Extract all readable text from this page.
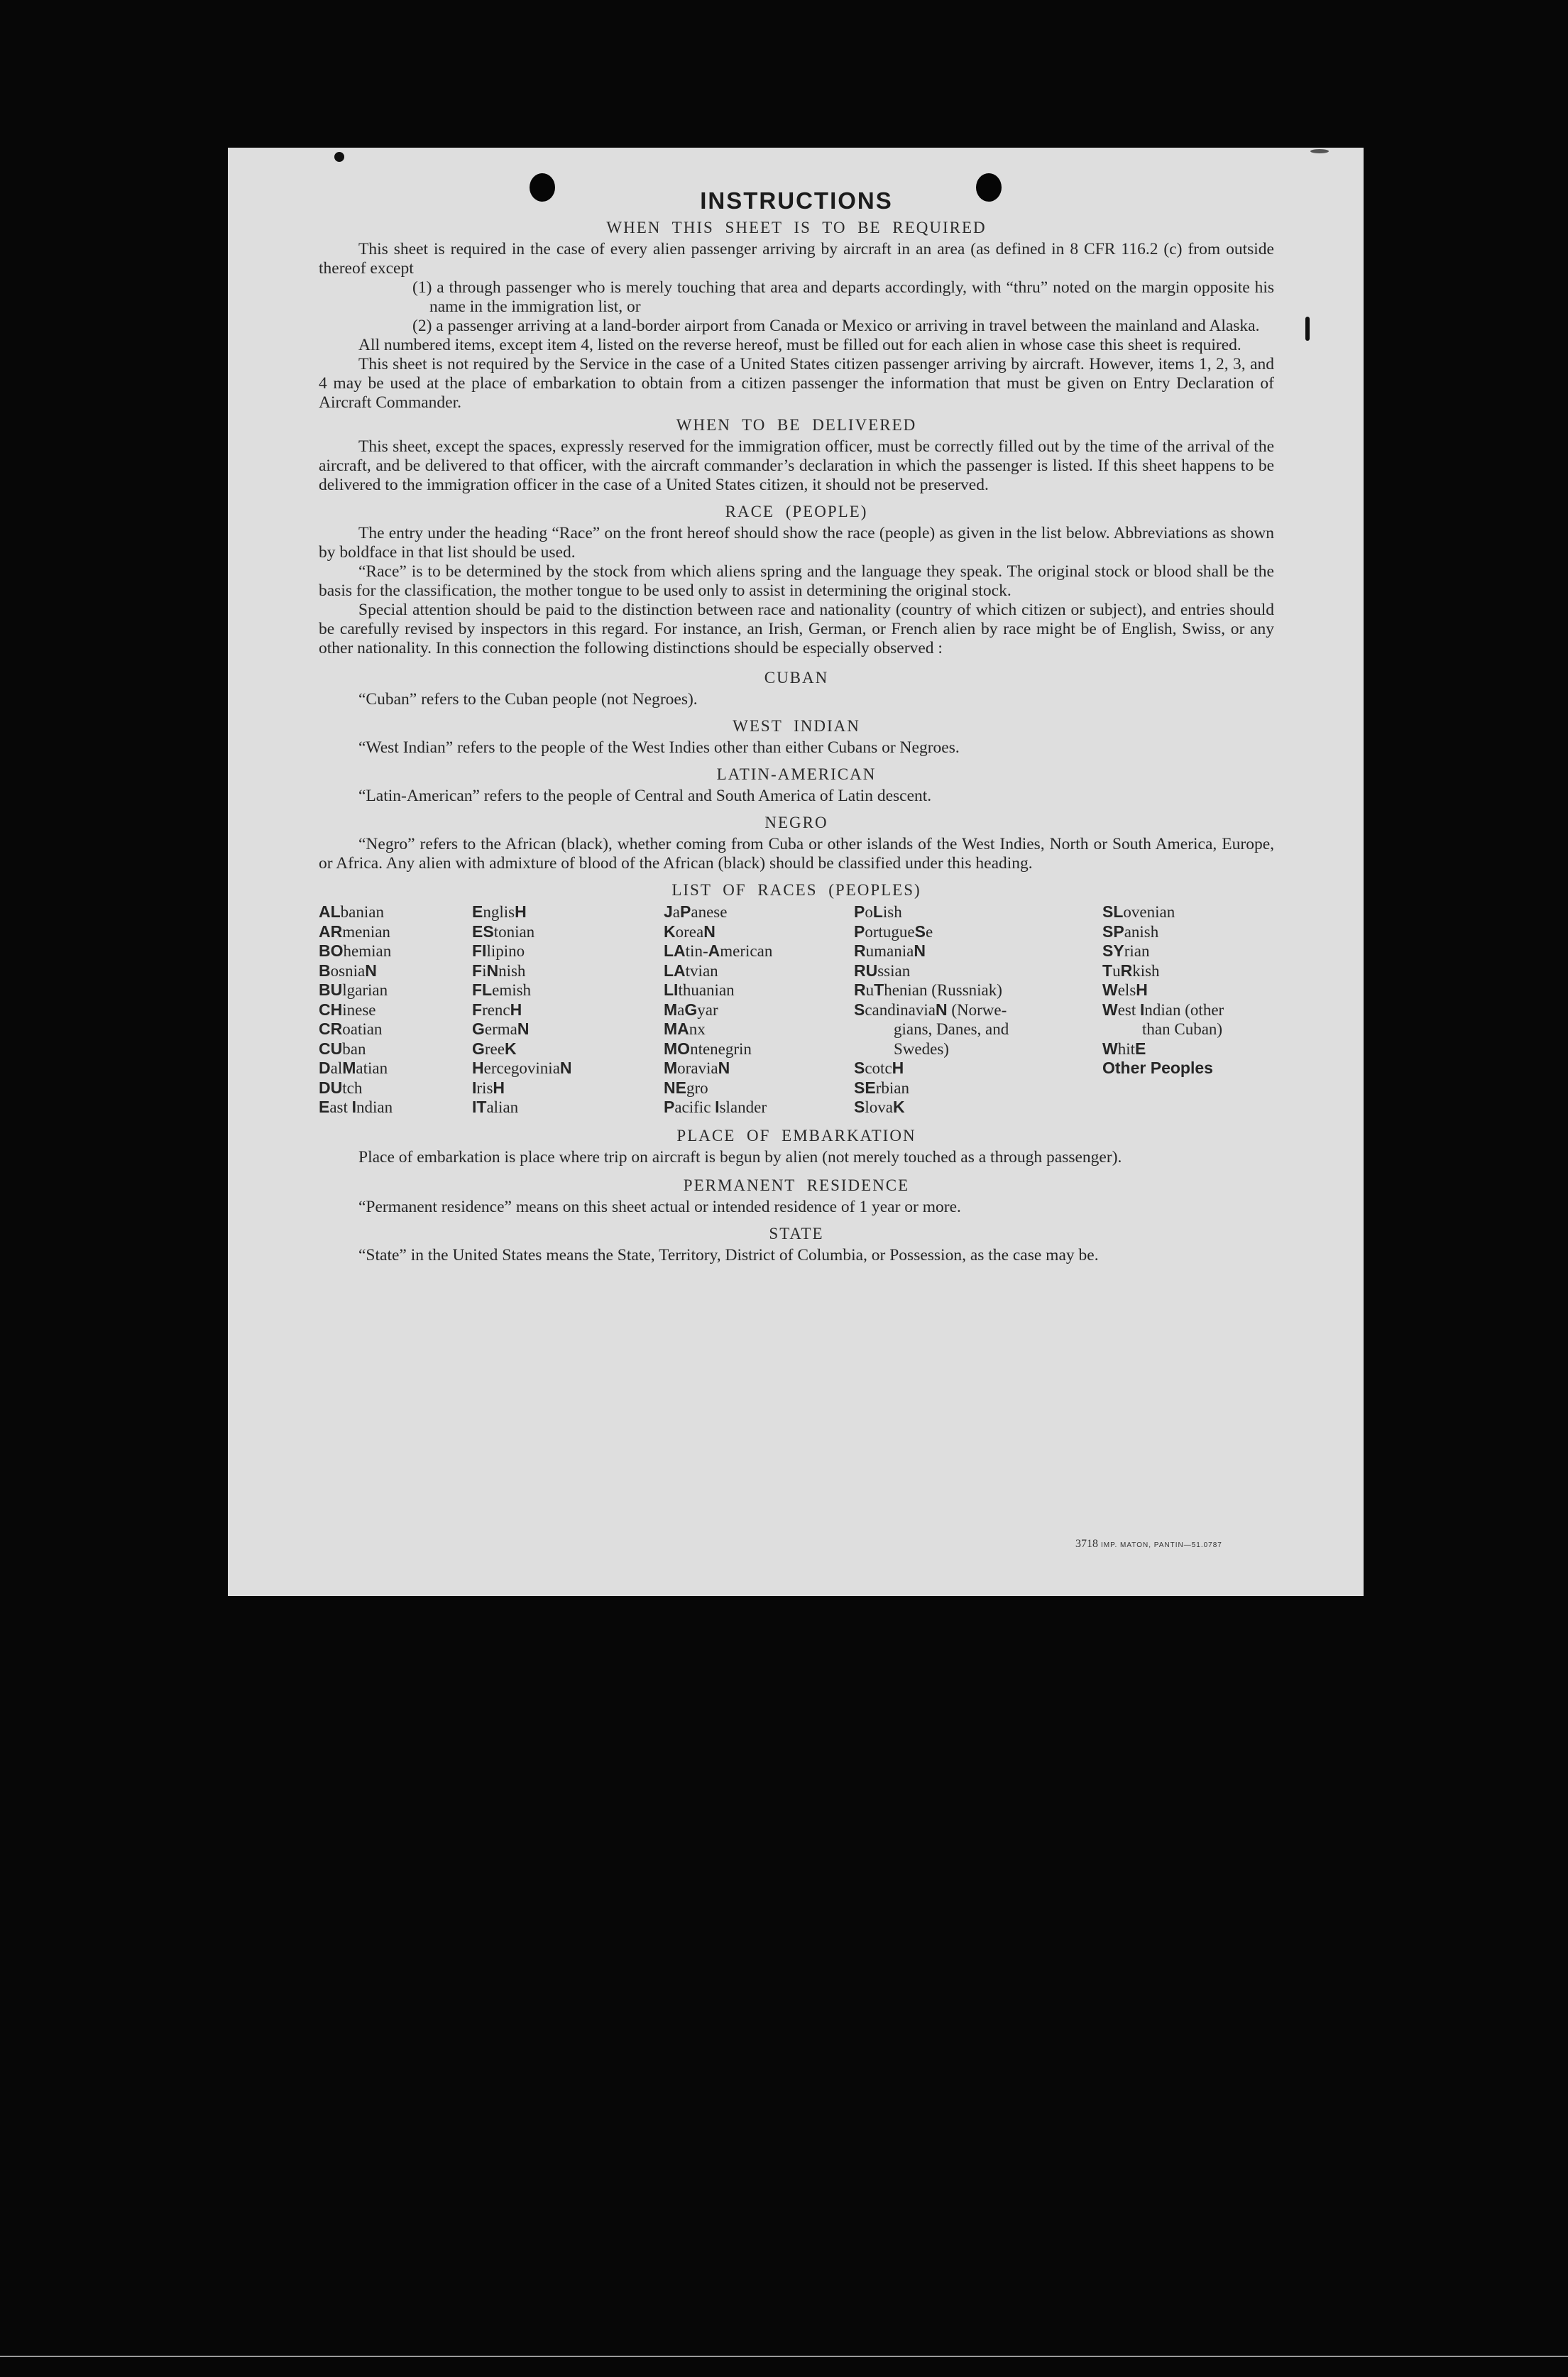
INSTRUCTIONS
WHEN THIS SHEET IS TO BE REQUIRED

This sheet is required in the case of every alien passenger arriving by aircraft in an area (as defined in 8 CFR 116.2 (c) from outside thereof except

(1) a through passenger who is merely touching that area and departs accordingly, with “thru” noted on the margin opposite his name in the immigration list, or

(2) a passenger arriving at a land-border airport from Canada or Mexico or arriving in travel between the mainland and Alaska.

All numbered items, except item 4, listed on the reverse hereof, must be filled out for each alien in whose case this sheet is required.

This sheet is not required by the Service in the case of a United States citizen passenger arriving by aircraft. However, items 1, 2, 3, and 4 may be used at the place of embarkation to obtain from a citizen passenger the information that must be given on Entry Declaration of Aircraft Commander.

WHEN TO BE DELIVERED

This sheet, except the spaces, expressly reserved for the immigration officer, must be correctly filled out by the time of the arrival of the aircraft, and be delivered to that officer, with the aircraft commander’s declaration in which the passenger is listed. If this sheet happens to be delivered to the immigration officer in the case of a United States citizen, it should not be preserved.

RACE (PEOPLE)

The entry under the heading “Race” on the front hereof should show the race (people) as given in the list below. Abbreviations as shown by boldface in that list should be used.

“Race” is to be determined by the stock from which aliens spring and the language they speak. The original stock or blood shall be the basis for the classification, the mother tongue to be used only to assist in determining the original stock.

Special attention should be paid to the distinction between race and nationality (country of which citizen or subject), and entries should be carefully revised by inspectors in this regard. For instance, an Irish, German, or French alien by race might be of English, Swiss, or any other nationality. In this connection the following distinctions should be especially observed :

CUBAN

“Cuban” refers to the Cuban people (not Negroes).

WEST INDIAN

“West Indian” refers to the people of the West Indies other than either Cubans or Negroes.

LATIN-AMERICAN

“Latin-American” refers to the people of Central and South America of Latin descent.

NEGRO

“Negro” refers to the African (black), whether coming from Cuba or other islands of the West Indies, North or South America, Europe, or Africa. Any alien with admixture of blood of the African (black) should be classified under this heading.

LIST OF RACES (PEOPLES)
ALbanian
ARmenian
BOhemian
BosniaN
BUlgarian
CHinese
CRoatian
CUban
DalMatian
DUtch
East Indian
EnglisH
EStonian
FIlipino
FiNnish
FLemish
FrencH
GermaN
GreeK
HercegoviniaN
IrisH
ITalian
JaPanese
KoreaN
LAtin-American
LAtvian
LIthuanian
MaGyar
MAnx
MOntenegrin
MoraviaN
NEgro
Pacific Islander
PoLish
PortugueSe
RumaniaN
RUssian
RuThenian (Russniak)
ScandinaviaN (Norwe-
gians, Danes, and
Swedes)
ScotcH
SErbian
SlovaK
SLovenian
SPanish
SYrian
TuRkish
WelsH
West Indian (other
than Cuban)
WhitE
Other Peoples
PLACE OF EMBARKATION

Place of embarkation is place where trip on aircraft is begun by alien (not merely touched as a through passenger).

PERMANENT RESIDENCE

“Permanent residence” means on this sheet actual or intended residence of 1 year or more.

STATE

“State” in the United States means the State, Territory, District of Columbia, or Possession, as the case may be.

3718 IMP. MATON, PANTIN—51.0787
